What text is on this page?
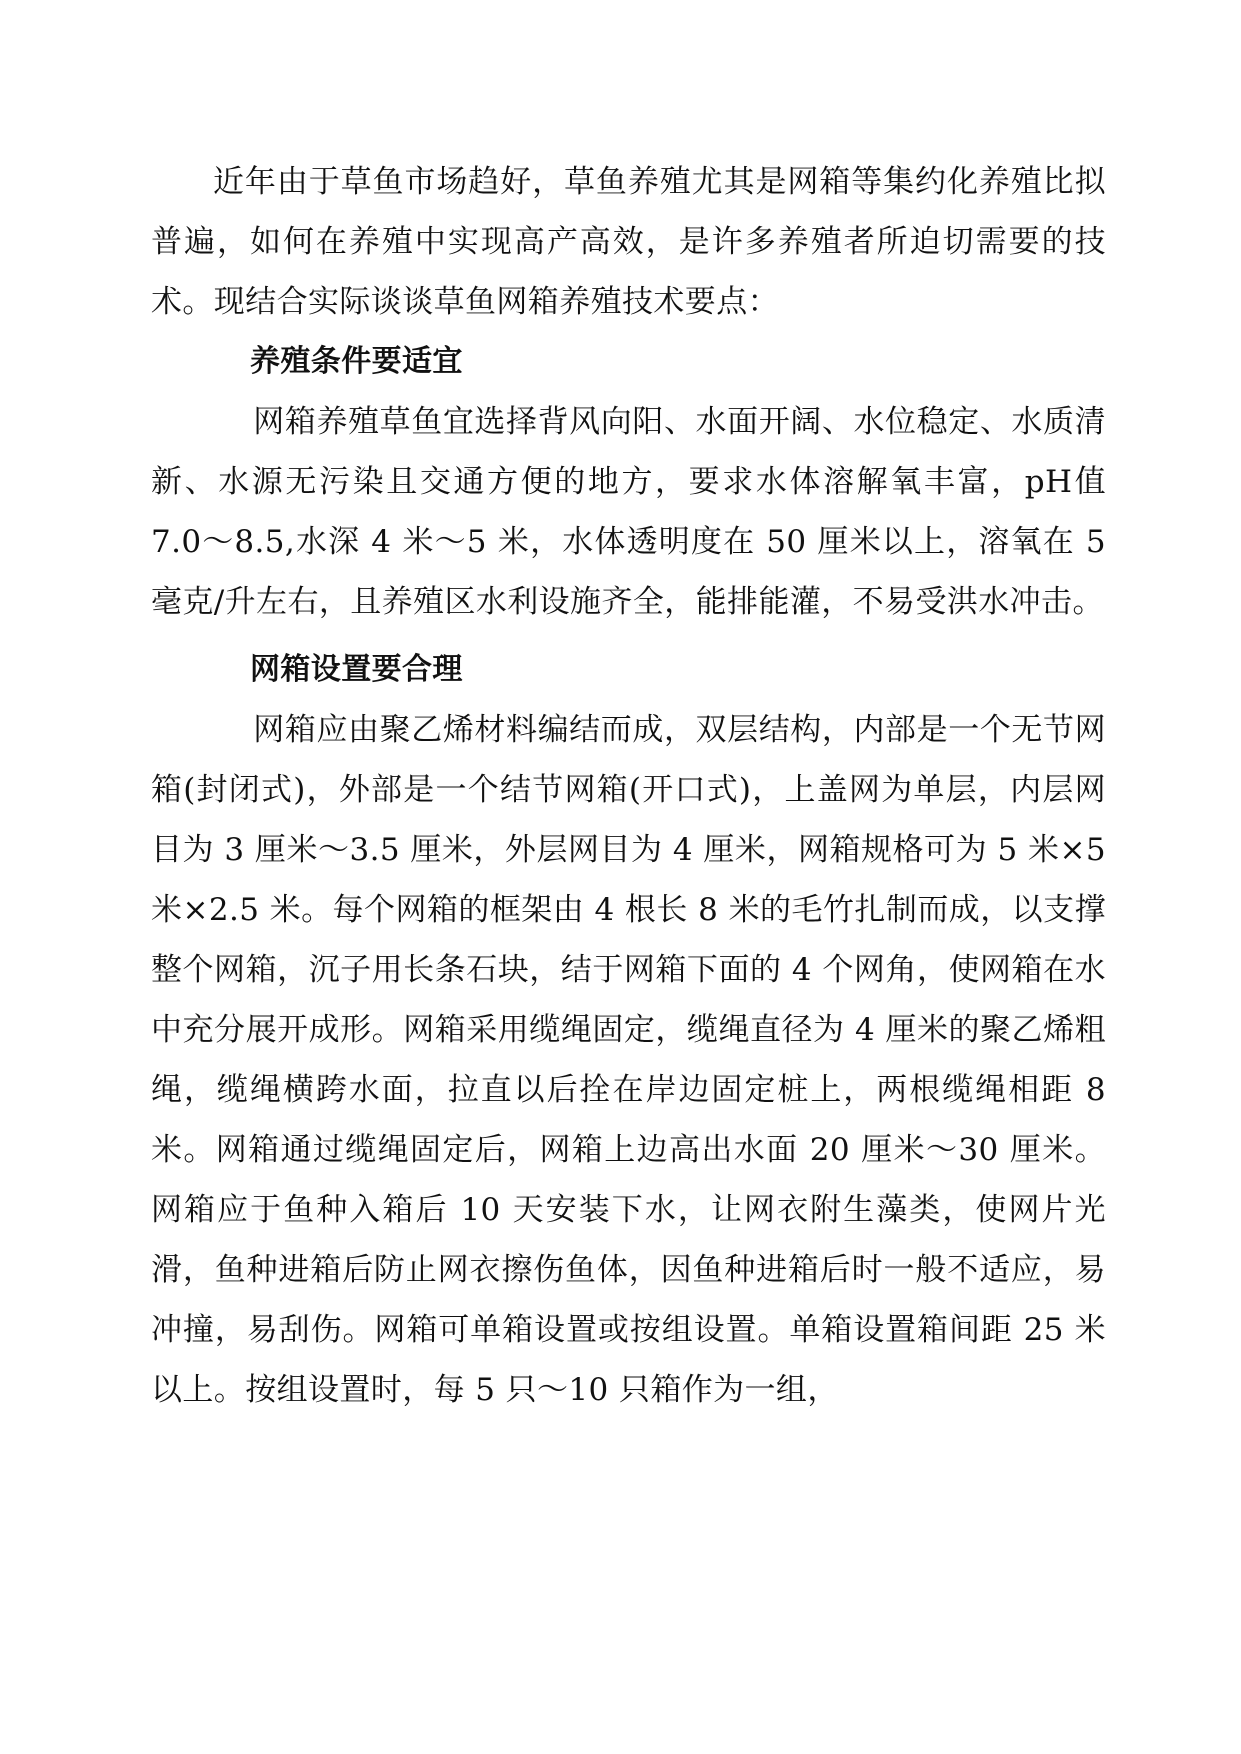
近年由于草鱼市场趋好，草鱼养殖尤其是网箱等集约化养殖比拟普遍，如何在养殖中实现高产高效，是许多养殖者所迫切需要的技术。现结合实际谈谈草鱼网箱养殖技术要点：

养殖条件要适宜

网箱养殖草鱼宜选择背风向阳、水面开阔、水位稳定、水质清新、水源无污染且交通方便的地方，要求水体溶解氧丰富，pH值 7.0～8.5,水深 4 米～5 米，水体透明度在 50 厘米以上，溶氧在 5 毫克/升左右，且养殖区水利设施齐全，能排能灌，不易受洪水冲击。

网箱设置要合理

网箱应由聚乙烯材料编结而成，双层结构，内部是一个无节网箱(封闭式)，外部是一个结节网箱(开口式)，上盖网为单层，内层网目为 3 厘米～3.5 厘米，外层网目为 4 厘米，网箱规格可为 5 米×5 米×2.5 米。每个网箱的框架由 4 根长 8 米的毛竹扎制而成，以支撑整个网箱，沉子用长条石块，结于网箱下面的 4 个网角，使网箱在水中充分展开成形。网箱采用缆绳固定，缆绳直径为 4 厘米的聚乙烯粗绳，缆绳横跨水面，拉直以后拴在岸边固定桩上，两根缆绳相距 8 米。网箱通过缆绳固定后，网箱上边高出水面 20 厘米～30 厘米。网箱应于鱼种入箱后 10 天安装下水，让网衣附生藻类，使网片光滑，鱼种进箱后防止网衣擦伤鱼体，因鱼种进箱后时一般不适应，易冲撞，易刮伤。网箱可单箱设置或按组设置。单箱设置箱间距 25 米以上。按组设置时，每 5 只～10 只箱作为一组，
